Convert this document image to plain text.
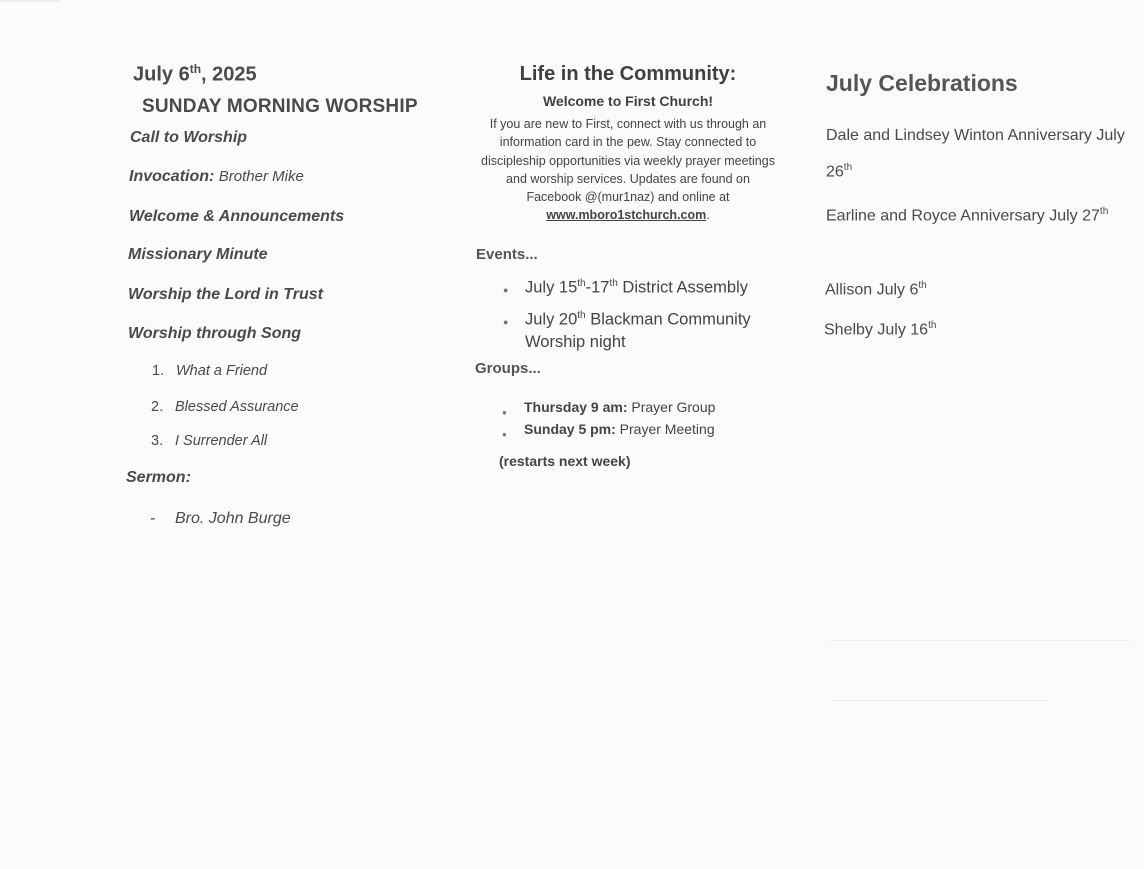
July 6th, 2025
SUNDAY MORNING WORSHIP
Call to Worship
Invocation: Brother Mike
Welcome & Announcements
Missionary Minute
Worship the Lord in Trust
Worship through Song
1. What a Friend
2. Blessed Assurance
3. I Surrender All
Sermon:
- Bro. John Burge
Life in the Community:
Welcome to First Church!
If you are new to First, connect with us through an information card in the pew. Stay connected to discipleship opportunities via weekly prayer meetings and worship services. Updates are found on Facebook @(mur1naz) and online at www.mboro1stchurch.com.
Events...
● July 15th-17th District Assembly
● July 20th Blackman Community Worship night
Groups...
● Thursday 9 am: Prayer Group
● Sunday 5 pm: Prayer Meeting
(restarts next week)
July Celebrations
Dale and Lindsey Winton Anniversary July 26th
Earline and Royce Anniversary July 27th
Allison July 6th
Shelby July 16th
